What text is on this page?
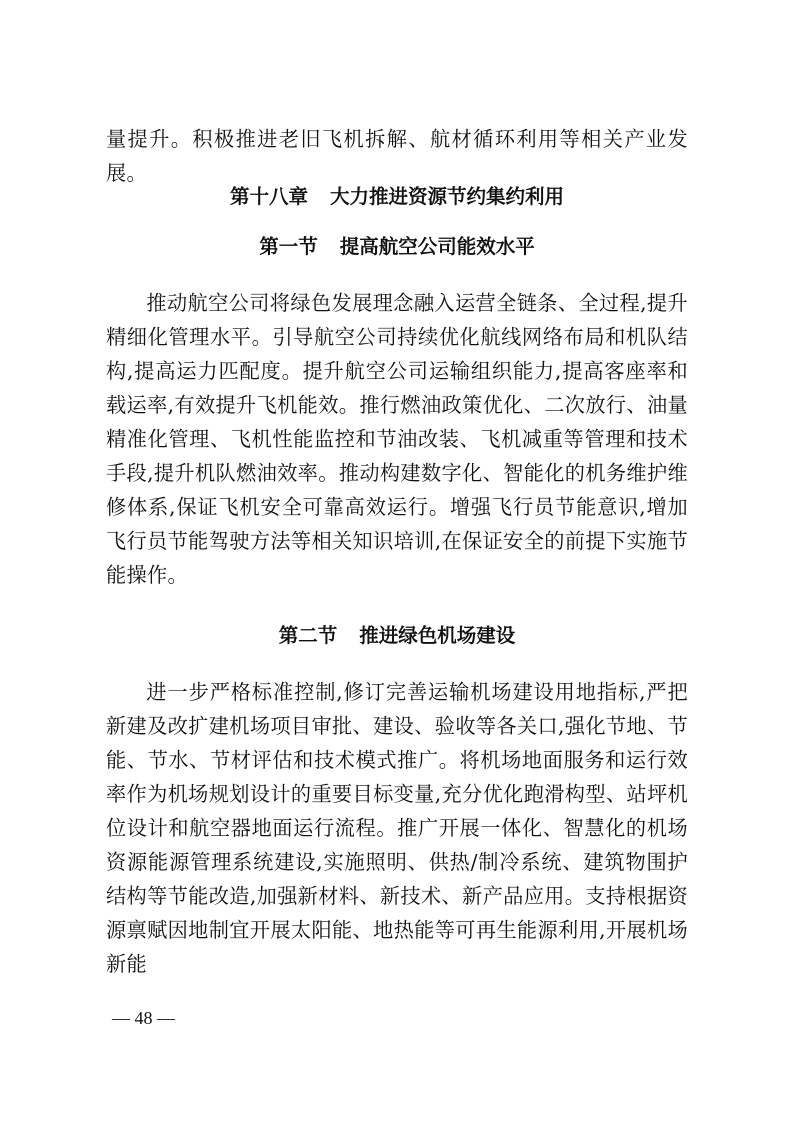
量提升。积极推进老旧飞机拆解、航材循环利用等相关产业发展。
第十八章 大力推进资源节约集约利用
第一节 提高航空公司能效水平
推动航空公司将绿色发展理念融入运营全链条、全过程,提升精细化管理水平。引导航空公司持续优化航线网络布局和机队结构,提高运力匹配度。提升航空公司运输组织能力,提高客座率和载运率,有效提升飞机能效。推行燃油政策优化、二次放行、油量精准化管理、飞机性能监控和节油改装、飞机减重等管理和技术手段,提升机队燃油效率。推动构建数字化、智能化的机务维护维修体系,保证飞机安全可靠高效运行。增强飞行员节能意识,增加飞行员节能驾驶方法等相关知识培训,在保证安全的前提下实施节能操作。
第二节 推进绿色机场建设
进一步严格标准控制,修订完善运输机场建设用地指标,严把新建及改扩建机场项目审批、建设、验收等各关口,强化节地、节能、节水、节材评估和技术模式推广。将机场地面服务和运行效率作为机场规划设计的重要目标变量,充分优化跑滑构型、站坪机位设计和航空器地面运行流程。推广开展一体化、智慧化的机场资源能源管理系统建设,实施照明、供热/制冷系统、建筑物围护结构等节能改造,加强新材料、新技术、新产品应用。支持根据资源禀赋因地制宜开展太阳能、地热能等可再生能源利用,开展机场新能
— 48 —
